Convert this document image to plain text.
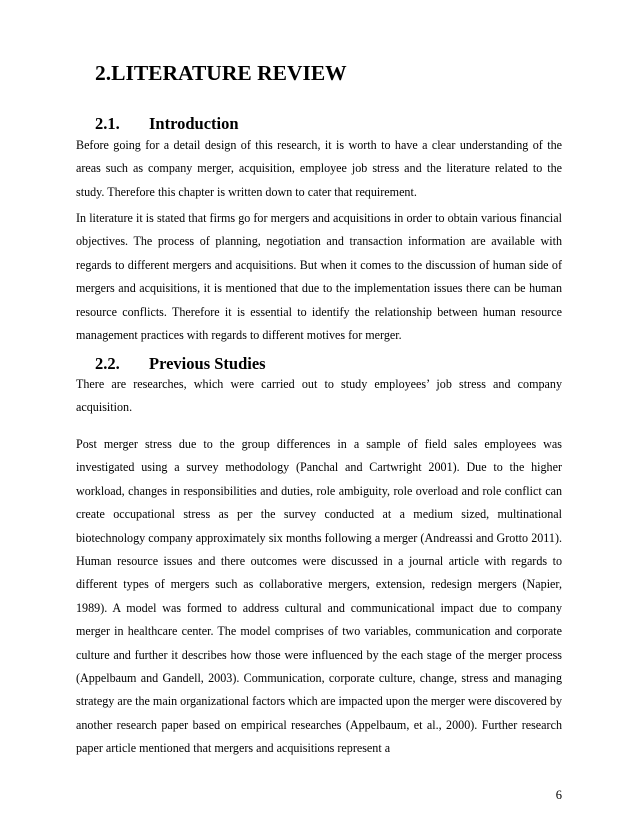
2.LITERATURE REVIEW
2.1. Introduction

Before going for a detail design of this research, it is worth to have a clear understanding of the areas such as company merger, acquisition, employee job stress and the literature related to the study. Therefore this chapter is written down to cater that requirement.

In literature it is stated that firms go for mergers and acquisitions in order to obtain various financial objectives. The process of planning, negotiation and transaction information are available with regards to different mergers and acquisitions. But when it comes to the discussion of human side of mergers and acquisitions, it is mentioned that due to the implementation issues there can be human resource conflicts. Therefore it is essential to identify the relationship between human resource management practices with regards to different motives for merger.

2.2. Previous Studies

There are researches, which were carried out to study employees’ job stress and company acquisition.

Post merger stress due to the group differences in a sample of field sales employees was investigated using a survey methodology (Panchal and Cartwright 2001). Due to the higher workload, changes in responsibilities and duties, role ambiguity, role overload and role conflict can create occupational stress as per the survey conducted at a medium sized, multinational biotechnology company approximately six months following a merger (Andreassi and Grotto 2011). Human resource issues and there outcomes were discussed in a journal article with regards to different types of mergers such as collaborative mergers, extension, redesign mergers (Napier, 1989). A model was formed to address cultural and communicational impact due to company merger in healthcare center. The model comprises of two variables, communication and corporate culture and further it describes how those were influenced by the each stage of the merger process (Appelbaum and Gandell, 2003). Communication, corporate culture, change, stress and managing strategy are the main organizational factors which are impacted upon the merger were discovered by another research paper based on empirical researches (Appelbaum, et al., 2000). Further research paper article mentioned that mergers and acquisitions represent a

6
